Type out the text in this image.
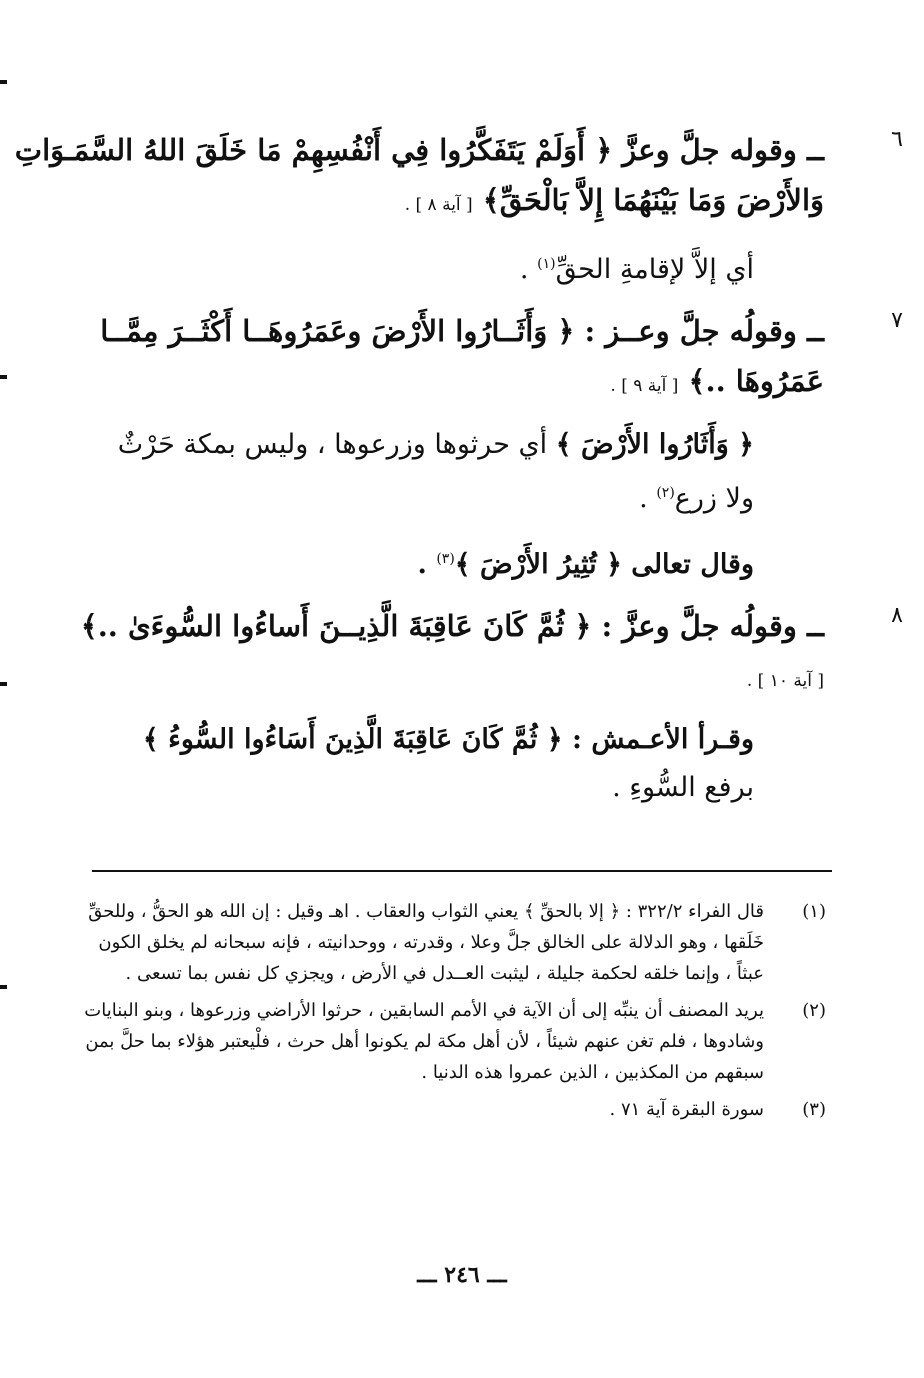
٦
ــ وقوله جلَّ وعزَّ ﴿ أَوَلَمْ يَتَفَكَّرُوا فِي أَنْفُسِهِمْ مَا خَلَقَ اللهُ السَّمَـوَاتِ
وَالأَرْضَ وَمَا بَيْنَهُمَا إِلاَّ بَالْحَقِّ﴾ [ آية ٨ ] .
أي إلاَّ لإقامةِ الحقِّ$^{(١)}$ .
٧
ــ وقولُه جلَّ وعــز : ﴿ وَأَثَــارُوا الأَرْضَ وعَمَرُوهَــا أَكْثَــرَ مِمَّــا
عَمَرُوهَا ..﴾ [ آية ٩ ] .
﴿ وَأَثَارُوا الأَرْضَ ﴾ أي حرثوها وزرعوها ، وليس بمكة حَرْثٌ
ولا زرع$^{(٢)}$ .
وقال تعالى ﴿ تُثِيرُ الأَرْضَ ﴾$^{(٣)}$ .
٨
ــ وقولُه جلَّ وعزَّ : ﴿ ثُمَّ كَانَ عَاقِبَةَ الَّذِيــنَ أَساءُوا السُّوءَىٰ ..﴾
[ آية ١٠ ] .
وقـرأ الأعـمش : ﴿ ثُمَّ كَانَ عَاقِبَةَ الَّذِينَ أَسَاءُوا السُّوءُ ﴾
برفع السُّوءِ .
(١)
قال الفراء ٣٢٢/٢ : ﴿ إلا بالحقِّ ﴾ يعني الثواب والعقاب . اهـ وقيل : إن الله هو الحقُّ ، وللحقِّ خَلَقها ، وهو الدلالة على الخالق جلَّ وعلا ، وقدرته ، ووحدانيته ، فإنه سبحانه لم يخلق الكون عبثاً ، وإنما خلقه لحكمة جليلة ، ليثبت العــدل في الأرض ، ويجزي كل نفس بما تسعى .
(٢)
يريد المصنف أن ينبِّه إلى أن الآية في الأمم السابقين ، حرثوا الأراضي وزرعوها ، وبنو البنايات وشادوها ، فلم تغن عنهم شيئاً ، لأن أهل مكة لم يكونوا أهل حرث ، فلْيعتبر هؤلاء بما حلَّ بمن سبقهم من المكذبين ، الذين عمروا هذه الدنيا .
(٣)
سورة البقرة آية ٧١ .
ـــ ٢٤٦ ـــ
